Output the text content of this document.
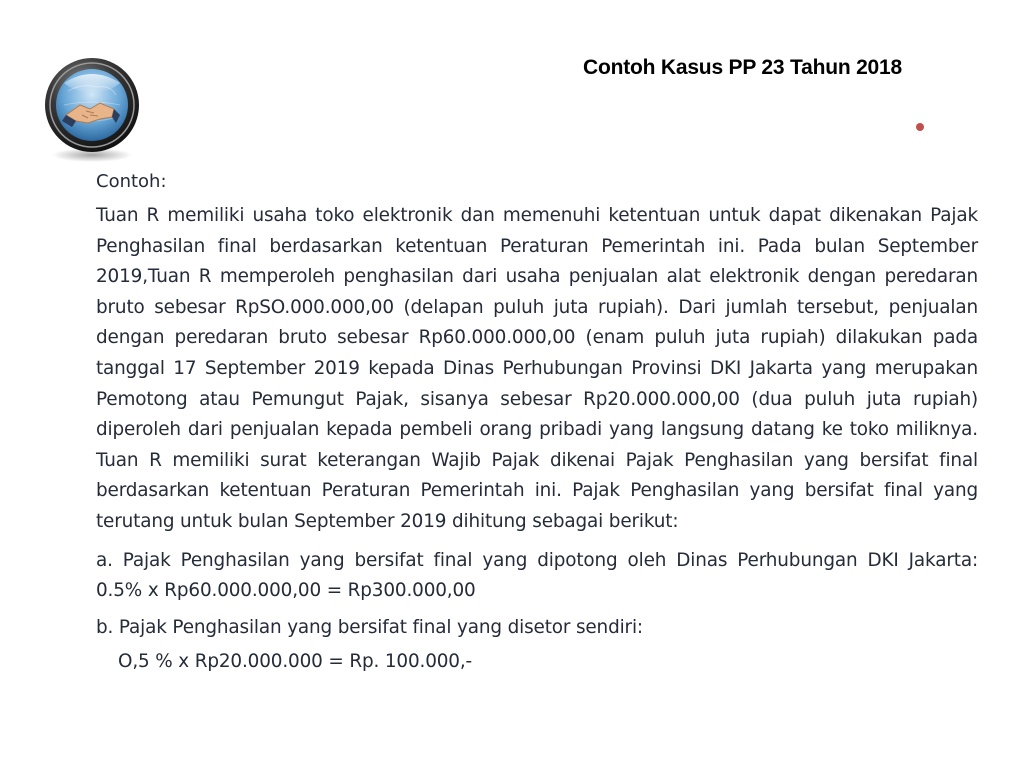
Contoh Kasus PP 23 Tahun 2018

Contoh:

Tuan R memiliki usaha toko elektronik dan memenuhi ketentuan untuk dapat dikenakan Pajak Penghasilan final berdasarkan ketentuan Peraturan Pemerintah ini. Pada bulan September 2019,Tuan R memperoleh penghasilan dari usaha penjualan alat elektronik dengan peredaran bruto sebesar RpSO.000.000,00 (delapan puluh juta rupiah). Dari jumlah tersebut, penjualan dengan peredaran bruto sebesar Rp60.000.000,00 (enam puluh juta rupiah) dilakukan pada tanggal 17 September 2019 kepada Dinas Perhubungan Provinsi DKI Jakarta yang merupakan Pemotong atau Pemungut Pajak, sisanya sebesar Rp20.000.000,00 (dua puluh juta rupiah) diperoleh dari penjualan kepada pembeli orang pribadi yang langsung datang ke toko miliknya. Tuan R memiliki surat keterangan Wajib Pajak dikenai Pajak Penghasilan yang bersifat final berdasarkan ketentuan Peraturan Pemerintah ini. Pajak Penghasilan yang bersifat final yang terutang untuk bulan September 2019 dihitung sebagai berikut:

a. Pajak Penghasilan yang bersifat final yang dipotong oleh Dinas Perhubungan DKI Jakarta: 0.5% x Rp60.000.000,00 = Rp300.000,00

b. Pajak Penghasilan yang bersifat final yang disetor sendiri:

O,5 % x Rp20.000.000 = Rp. 100.000,-
